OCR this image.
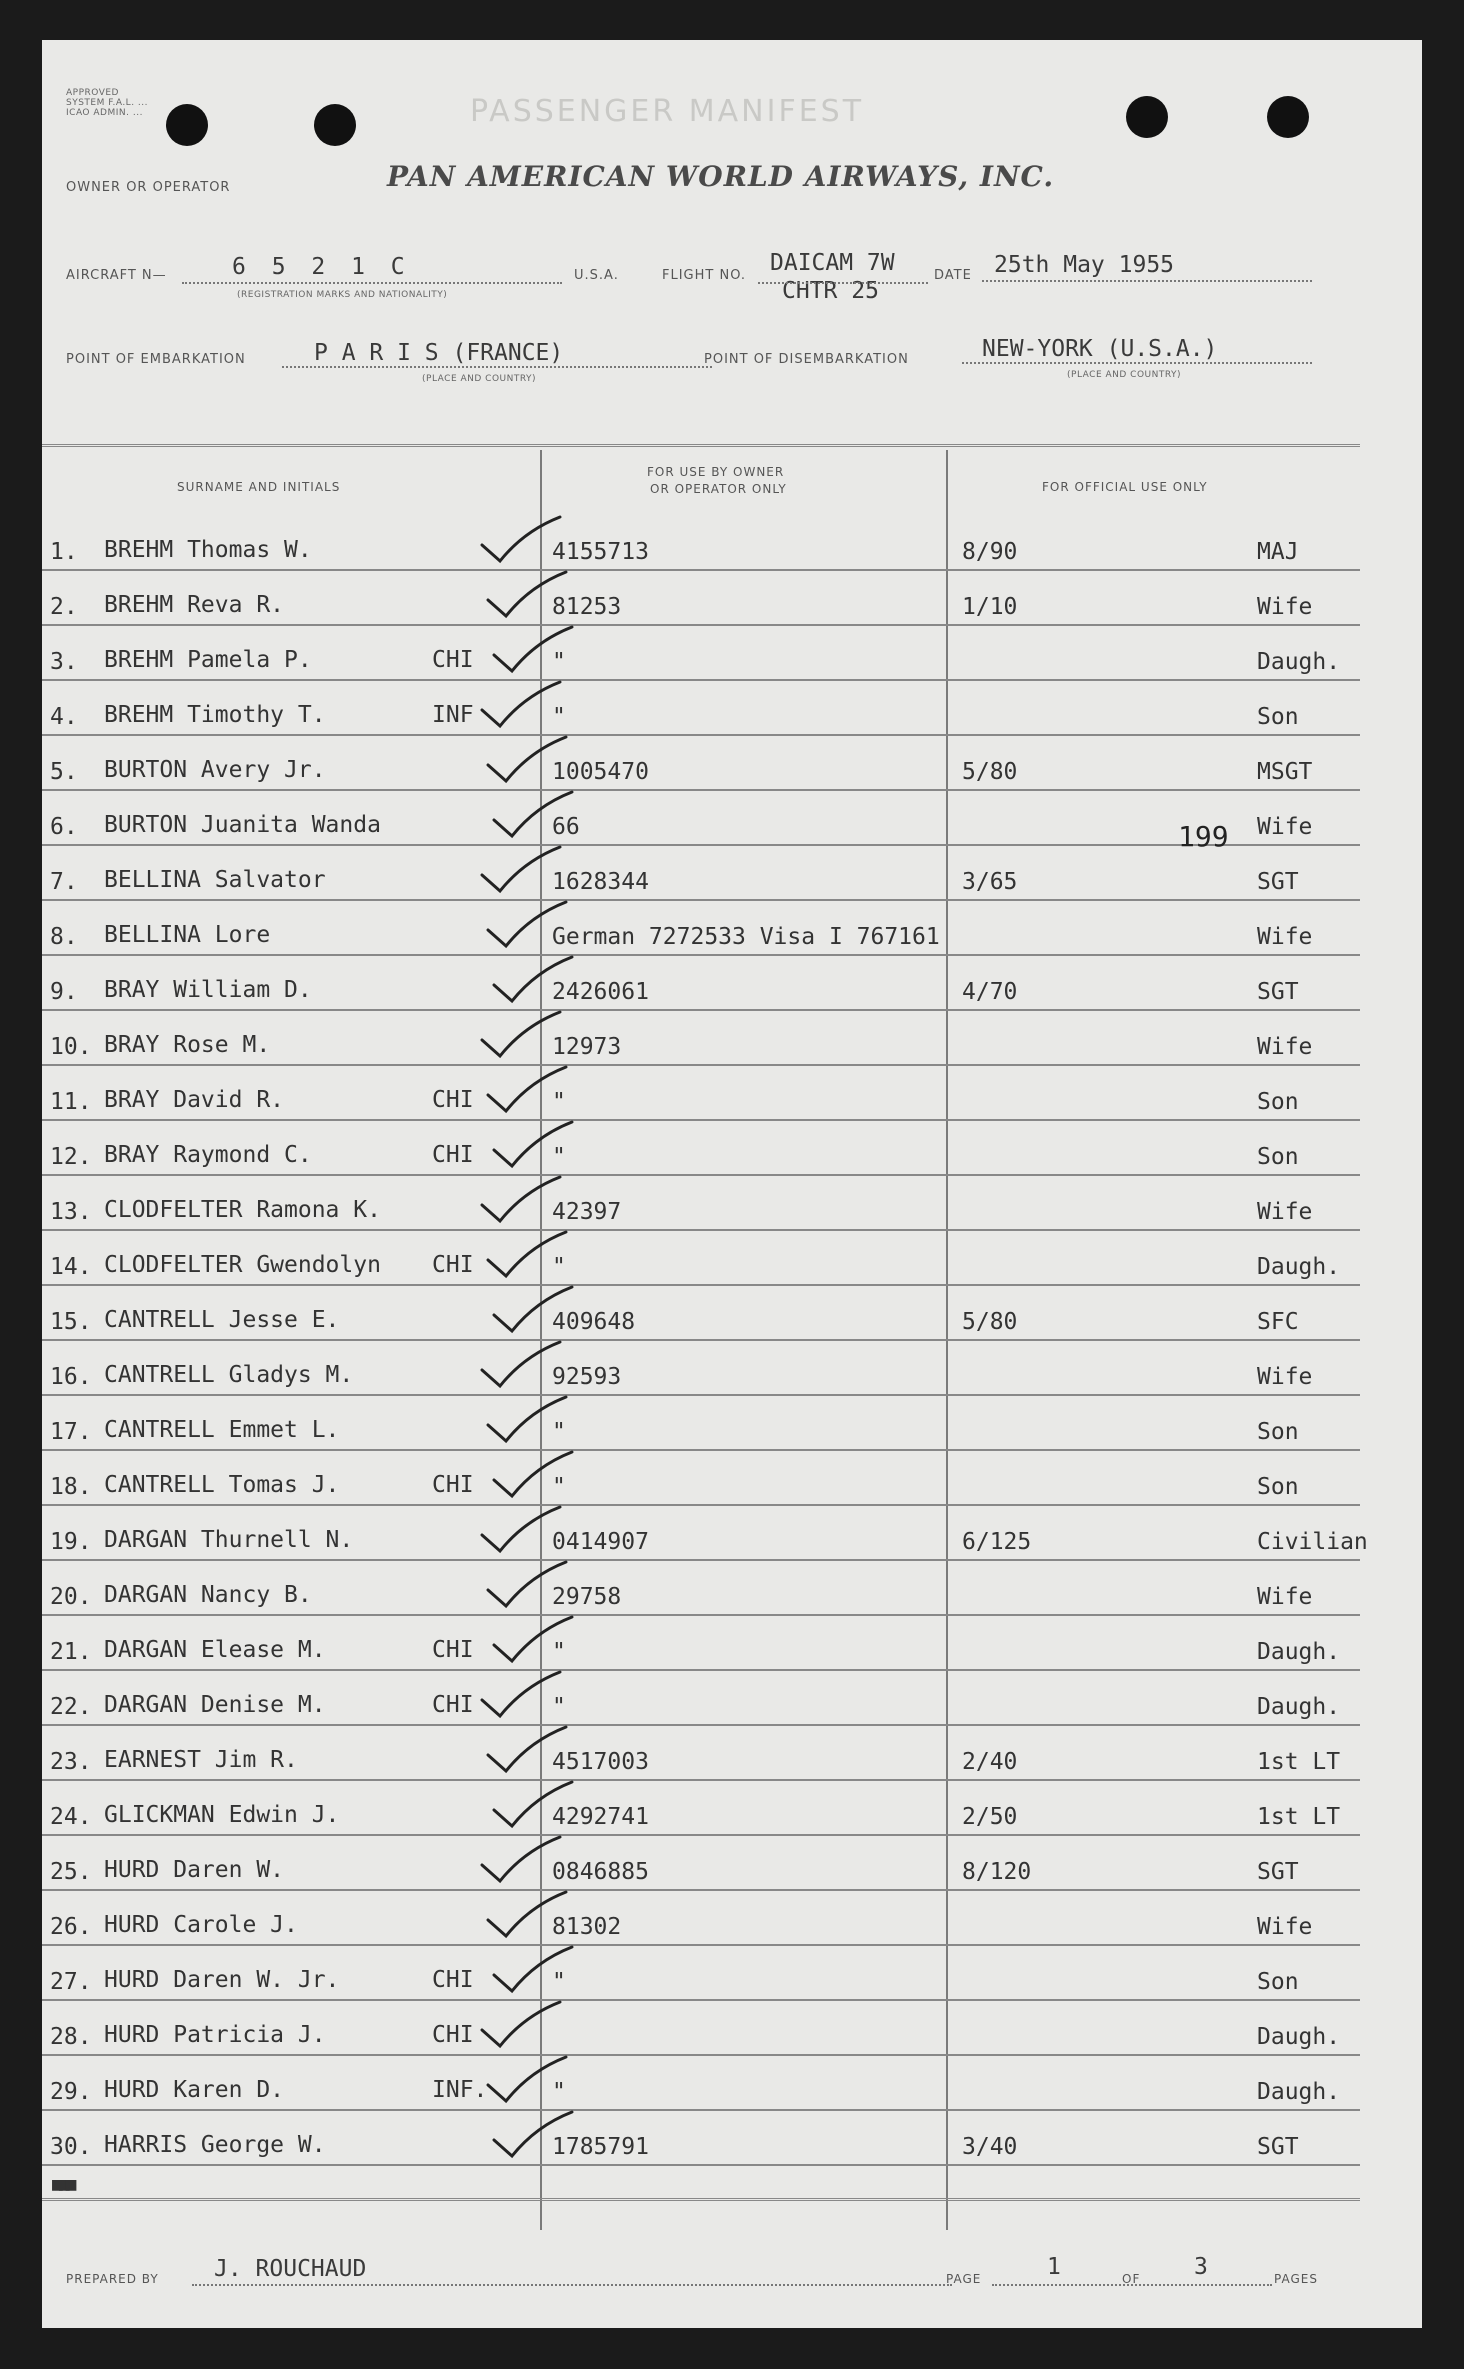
APPROVED
SYSTEM F.A.L. ...
ICAO ADMIN. ...	PASSENGER MANIFEST
OWNER OR OPERATOR	PAN AMERICAN WORLD AIRWAYS, INC.
AIRCRAFT N—	6 5 2 1 C
(REGISTRATION MARKS AND NATIONALITY)
U.S.A.	FLIGHT NO. DAICAM 7W
CHTR 25
DATE 25th May 1955
POINT OF EMBARKATION	P A R I S (FRANCE)
(PLACE AND COUNTRY)
POINT OF DISEMBARKATION	NEW-YORK (U.S.A.)
(PLACE AND COUNTRY)
SURNAME AND INITIALS
FOR USE BY OWNER
OR OPERATOR ONLY	FOR OFFICIAL USE ONLY
1. BREHM Thomas W.	4155713	8/90	MAJ
2. BREHM Reva R.	81253	1/10	Wife
3. BREHM Pamela P.	CHI	"	Daugh.
4. BREHM Timothy T.	INF	"	Son
5. BURTON Avery Jr.	1005470	5/80	MSGT
6. BURTON Juanita Wanda	66	Wife
7. BELLINA Salvator	1628344	3/65	SGT
8. BELLINA Lore	German 7272533 Visa I 767161	Wife
9. BRAY William D.	2426061	4/70	SGT
10. BRAY Rose M.	12973	Wife
11. BRAY David R.	CHI	"	Son
12. BRAY Raymond C.	CHI	"	Son
13. CLODFELTER Ramona K.	42397	Wife
14. CLODFELTER Gwendolyn CHI	"	Daugh.
15. CANTRELL Jesse E.	409648	5/80	SFC
16. CANTRELL Gladys M.	92593	Wife
17. CANTRELL Emmet L.	"	Son
18. CANTRELL Tomas J.	CHI	"	Son
19. DARGAN Thurnell N.	0414907	6/125	Civilian
20. DARGAN Nancy B.	29758	Wife
21. DARGAN Elease M.	CHI	"	Daugh.
22. DARGAN Denise M.	CHI	"	Daugh.
23. EARNEST Jim R.	4517003	2/40	1st LT
24. GLICKMAN Edwin J.	4292741	2/50	1st LT
25. HURD Daren W.	0846885	8/120	SGT
26. HURD Carole J.	81302	Wife
27. HURD Daren W. Jr.	CHI	"	Son
28. HURD Patricia J.	CHI	Daugh.
29. HURD Karen D.	INF.	"	Daugh.
30. HARRIS George W.	1785791	3/40	SGT
199
■■■
PREPARED BY J. ROUCHAUD	PAGE	1	OF 3	PAGES
